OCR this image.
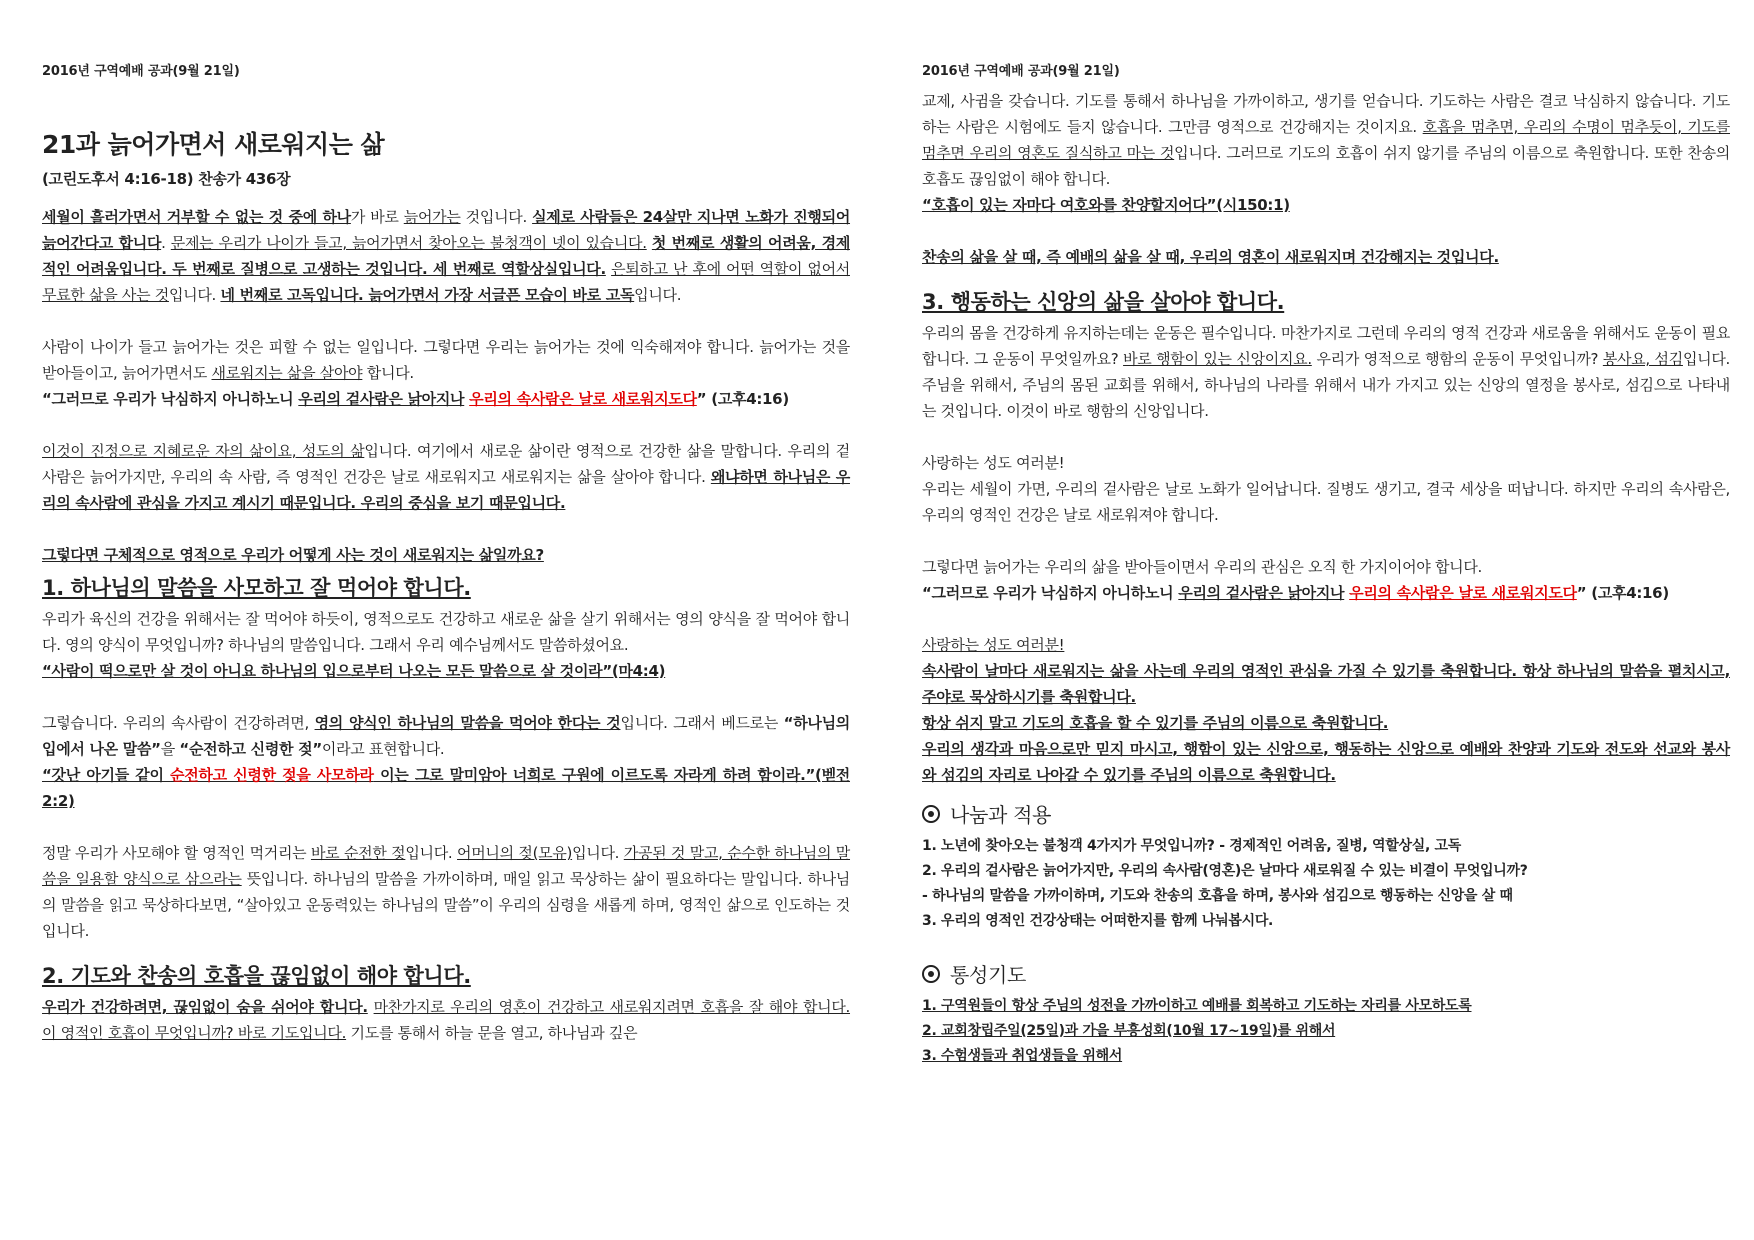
2016년 구역예배 공과(9월 21일)
21과 늙어가면서 새로워지는 삶
(고린도후서 4:16-18) 찬송가 436장

세월이 흘러가면서 거부할 수 없는 것 중에 하나가 바로 늙어가는 것입니다. 실제로 사람들은 24살만 지나면 노화가 진행되어 늙어간다고 합니다. 문제는 우리가 나이가 들고, 늙어가면서 찾아오는 불청객이 넷이 있습니다. 첫 번째로 생활의 어려움, 경제적인 어려움입니다. 두 번째로 질병으로 고생하는 것입니다. 세 번째로 역할상실입니다. 은퇴하고 난 후에 어떤 역할이 없어서 무료한 삶을 사는 것입니다. 네 번째로 고독입니다. 늙어가면서 가장 서글픈 모습이 바로 고독입니다.

사람이 나이가 들고 늙어가는 것은 피할 수 없는 일입니다. 그렇다면 우리는 늙어가는 것에 익숙해져야 합니다. 늙어가는 것을 받아들이고, 늙어가면서도 새로워지는 삶을 살아야 합니다.

“그러므로 우리가 낙심하지 아니하노니 우리의 겉사람은 낡아지나 우리의 속사람은 날로 새로워지도다” (고후4:16)

이것이 진정으로 지혜로운 자의 삶이요, 성도의 삶입니다. 여기에서 새로운 삶이란 영적으로 건강한 삶을 말합니다. 우리의 겉 사람은 늙어가지만, 우리의 속 사람, 즉 영적인 건강은 날로 새로워지고 새로워지는 삶을 살아야 합니다. 왜냐하면 하나님은 우리의 속사람에 관심을 가지고 계시기 때문입니다. 우리의 중심을 보기 때문입니다.

그렇다면 구체적으로 영적으로 우리가 어떻게 사는 것이 새로워지는 삶일까요?

1. 하나님의 말씀을 사모하고 잘 먹어야 합니다.

우리가 육신의 건강을 위해서는 잘 먹어야 하듯이, 영적으로도 건강하고 새로운 삶을 살기 위해서는 영의 양식을 잘 먹어야 합니다. 영의 양식이 무엇입니까? 하나님의 말씀입니다. 그래서 우리 예수님께서도 말씀하셨어요.

“사람이 떡으로만 살 것이 아니요 하나님의 입으로부터 나오는 모든 말씀으로 살 것이라”(마4:4)

그렇습니다. 우리의 속사람이 건강하려면, 영의 양식인 하나님의 말씀을 먹어야 한다는 것입니다. 그래서 베드로는 “하나님의 입에서 나온 말씀”을 “순전하고 신령한 젖”이라고 표현합니다.

“갓난 아기들 같이 순전하고 신령한 젖을 사모하라 이는 그로 말미암아 너희로 구원에 이르도록 자라게 하려 함이라.”(벧전2:2)

정말 우리가 사모해야 할 영적인 먹거리는 바로 순전한 젖입니다. 어머니의 젖(모유)입니다. 가공된 것 말고, 순수한 하나님의 말씀을 일용할 양식으로 삼으라는 뜻입니다. 하나님의 말씀을 가까이하며, 매일 읽고 묵상하는 삶이 필요하다는 말입니다. 하나님의 말씀을 읽고 묵상하다보면, “살아있고 운동력있는 하나님의 말씀”이 우리의 심령을 새롭게 하며, 영적인 삶으로 인도하는 것입니다.

2. 기도와 찬송의 호흡을 끊임없이 해야 합니다.

우리가 건강하려면, 끊임없이 숨을 쉬어야 합니다. 마찬가지로 우리의 영혼이 건강하고 새로워지려면 호흡을 잘 해야 합니다. 이 영적인 호흡이 무엇입니까? 바로 기도입니다. 기도를 통해서 하늘 문을 열고, 하나님과 깊은

2016년 구역예배 공과(9월 21일)

교제, 사귐을 갖습니다. 기도를 통해서 하나님을 가까이하고, 생기를 얻습니다. 기도하는 사람은 결코 낙심하지 않습니다. 기도하는 사람은 시험에도 들지 않습니다. 그만큼 영적으로 건강해지는 것이지요. 호흡을 멈추면, 우리의 수명이 멈추듯이, 기도를 멈추면 우리의 영혼도 질식하고 마는 것입니다. 그러므로 기도의 호흡이 쉬지 않기를 주님의 이름으로 축원합니다. 또한 찬송의 호흡도 끊임없이 해야 합니다.

“호흡이 있는 자마다 여호와를 찬양할지어다”(시150:1)

찬송의 삶을 살 때, 즉 예배의 삶을 살 때, 우리의 영혼이 새로워지며 건강해지는 것입니다.

3. 행동하는 신앙의 삶을 살아야 합니다.

우리의 몸을 건강하게 유지하는데는 운동은 필수입니다. 마찬가지로 그런데 우리의 영적 건강과 새로움을 위해서도 운동이 필요합니다. 그 운동이 무엇일까요? 바로 행함이 있는 신앙이지요. 우리가 영적으로 행함의 운동이 무엇입니까? 봉사요, 섬김입니다. 주님을 위해서, 주님의 몸된 교회를 위해서, 하나님의 나라를 위해서 내가 가지고 있는 신앙의 열정을 봉사로, 섬김으로 나타내는 것입니다. 이것이 바로 행함의 신앙입니다.

사랑하는 성도 여러분!

우리는 세월이 가면, 우리의 겉사람은 날로 노화가 일어납니다. 질병도 생기고, 결국 세상을 떠납니다. 하지만 우리의 속사람은, 우리의 영적인 건강은 날로 새로워져야 합니다.

그렇다면 늙어가는 우리의 삶을 받아들이면서 우리의 관심은 오직 한 가지이어야 합니다.

“그러므로 우리가 낙심하지 아니하노니 우리의 겉사람은 낡아지나 우리의 속사람은 날로 새로워지도다” (고후4:16)

사랑하는 성도 여러분!

속사람이 날마다 새로워지는 삶을 사는데 우리의 영적인 관심을 가질 수 있기를 축원합니다. 항상 하나님의 말씀을 펼치시고, 주야로 묵상하시기를 축원합니다.

항상 쉬지 말고 기도의 호흡을 할 수 있기를 주님의 이름으로 축원합니다.

우리의 생각과 마음으로만 믿지 마시고, 행함이 있는 신앙으로, 행동하는 신앙으로 예배와 찬양과 기도와 전도와 선교와 봉사와 섬김의 자리로 나아갈 수 있기를 주님의 이름으로 축원합니다.

나눔과 적용
1. 노년에 찾아오는 불청객 4가지가 무엇입니까? - 경제적인 어려움, 질병, 역할상실, 고독
2. 우리의 겉사람은 늙어가지만, 우리의 속사람(영혼)은 날마다 새로워질 수 있는 비결이 무엇입니까?
- 하나님의 말씀을 가까이하며, 기도와 찬송의 호흡을 하며, 봉사와 섬김으로 행동하는 신앙을 살 때
3. 우리의 영적인 건강상태는 어떠한지를 함께 나눠봅시다.
통성기도
1. 구역원들이 항상 주님의 성전을 가까이하고 예배를 회복하고 기도하는 자리를 사모하도록
2. 교회창립주일(25일)과 가을 부흥성회(10월 17~19일)를 위해서
3. 수험생들과 취업생들을 위해서
